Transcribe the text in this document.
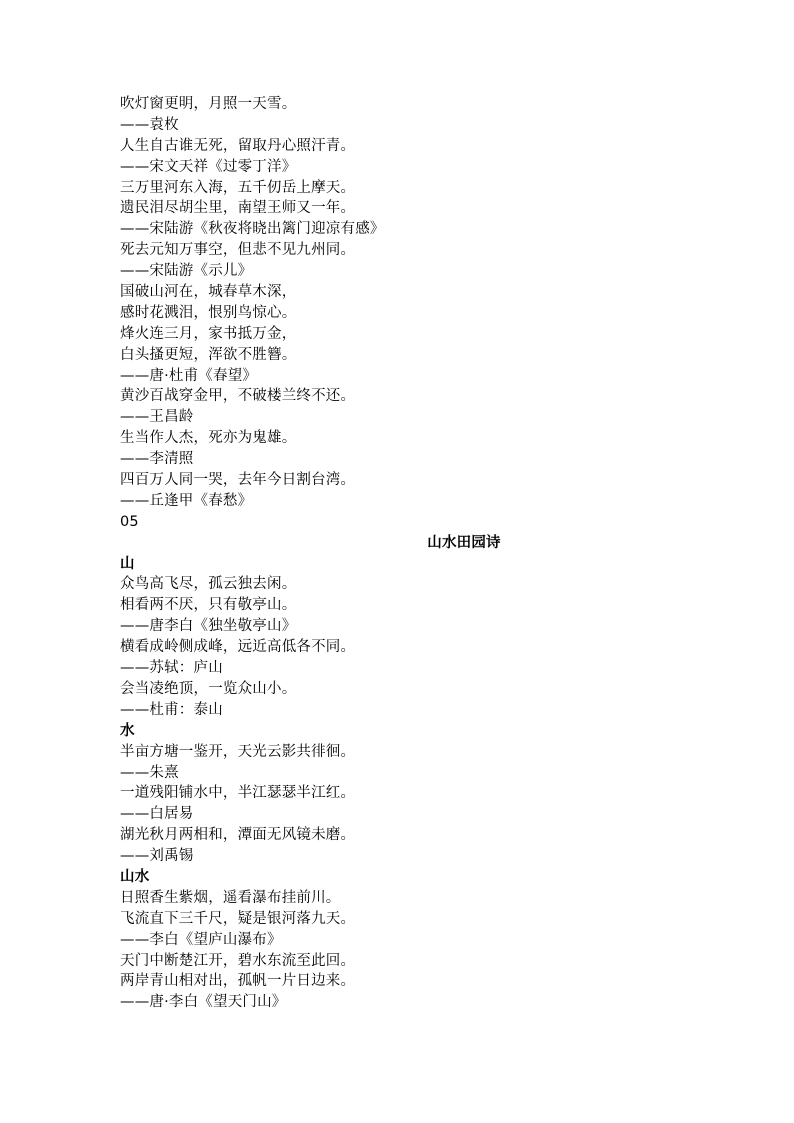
吹灯窗更明，月照一天雪。
——袁枚
人生自古谁无死，留取丹心照汗青。
——宋文天祥《过零丁洋》
三万里河东入海，五千仞岳上摩天。
遗民泪尽胡尘里，南望王师又一年。
——宋陆游《秋夜将晓出篱门迎凉有感》
死去元知万事空，但悲不见九州同。
——宋陆游《示儿》
国破山河在，城春草木深，
感时花溅泪，恨别鸟惊心。
烽火连三月，家书抵万金，
白头搔更短，浑欲不胜簪。
——唐·杜甫《春望》
黄沙百战穿金甲，不破楼兰终不还。
——王昌龄
生当作人杰，死亦为鬼雄。
——李清照
四百万人同一哭，去年今日割台湾。
——丘逢甲《春愁》
05
山水田园诗
山
众鸟高飞尽，孤云独去闲。
相看两不厌，只有敬亭山。
——唐李白《独坐敬亭山》
横看成岭侧成峰，远近高低各不同。
——苏轼：庐山
会当凌绝顶，一览众山小。
——杜甫：泰山
水
半亩方塘一鉴开，天光云影共徘徊。
——朱熹
一道残阳铺水中，半江瑟瑟半江红。
——白居易
湖光秋月两相和，潭面无风镜未磨。
——刘禹锡
山水
日照香生紫烟，遥看瀑布挂前川。
飞流直下三千尺，疑是银河落九天。
——李白《望庐山瀑布》
天门中断楚江开，碧水东流至此回。
两岸青山相对出，孤帆一片日边来。
——唐·李白《望天门山》
